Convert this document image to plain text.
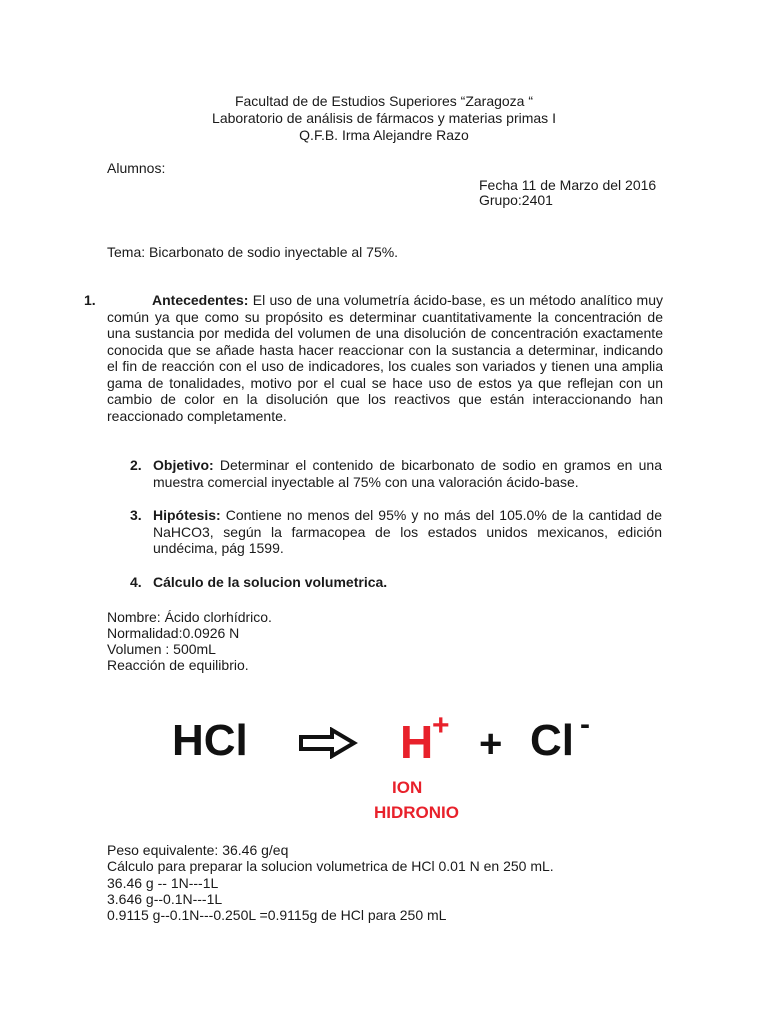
Facultad de de Estudios Superiores “Zaragoza “
Laboratorio de análisis de fármacos y materias primas I
Q.F.B. Irma Alejandre Razo
Alumnos:
Fecha 11 de Marzo del 2016
Grupo:2401
Tema: Bicarbonato de sodio inyectable al 75%.
1.	Antecedentes: El uso de una volumetría ácido-base, es un método analítico muy común ya que como su propósito es determinar cuantitativamente la concentración de una sustancia por medida del volumen de una disolución de concentración exactamente conocida que se añade hasta hacer reaccionar con la sustancia a determinar, indicando el fin de reacción con el uso de indicadores, los cuales son variados y tienen una amplia gama de tonalidades, motivo por el cual se hace uso de estos ya que reflejan con un cambio de color en la disolución que los reactivos que están interaccionando han reaccionado completamente.
2. Objetivo: Determinar el contenido de bicarbonato de sodio en gramos en una muestra comercial inyectable al 75% con una valoración ácido-base.
3. Hipótesis: Contiene no menos del 95% y no más del 105.0% de la cantidad de NaHCO3, según la farmacopea de los estados unidos mexicanos, edición undécima, pág 1599.
4. Cálculo de la solucion volumetrica.
Nombre: Ácido clorhídrico.
Normalidad:0.0926 N
Volumen : 500mL
Reacción de equilibrio.
HCl	H
+ + Cl -
ION
HIDRONIO
Peso equivalente: 36.46 g/eq
Cálculo para preparar la solucion volumetrica de HCl 0.01 N en 250 mL.
36.46 g -- 1N---1L
3.646 g--0.1N---1L
0.9115 g--0.1N---0.250L =0.9115g de HCl para 250 mL
